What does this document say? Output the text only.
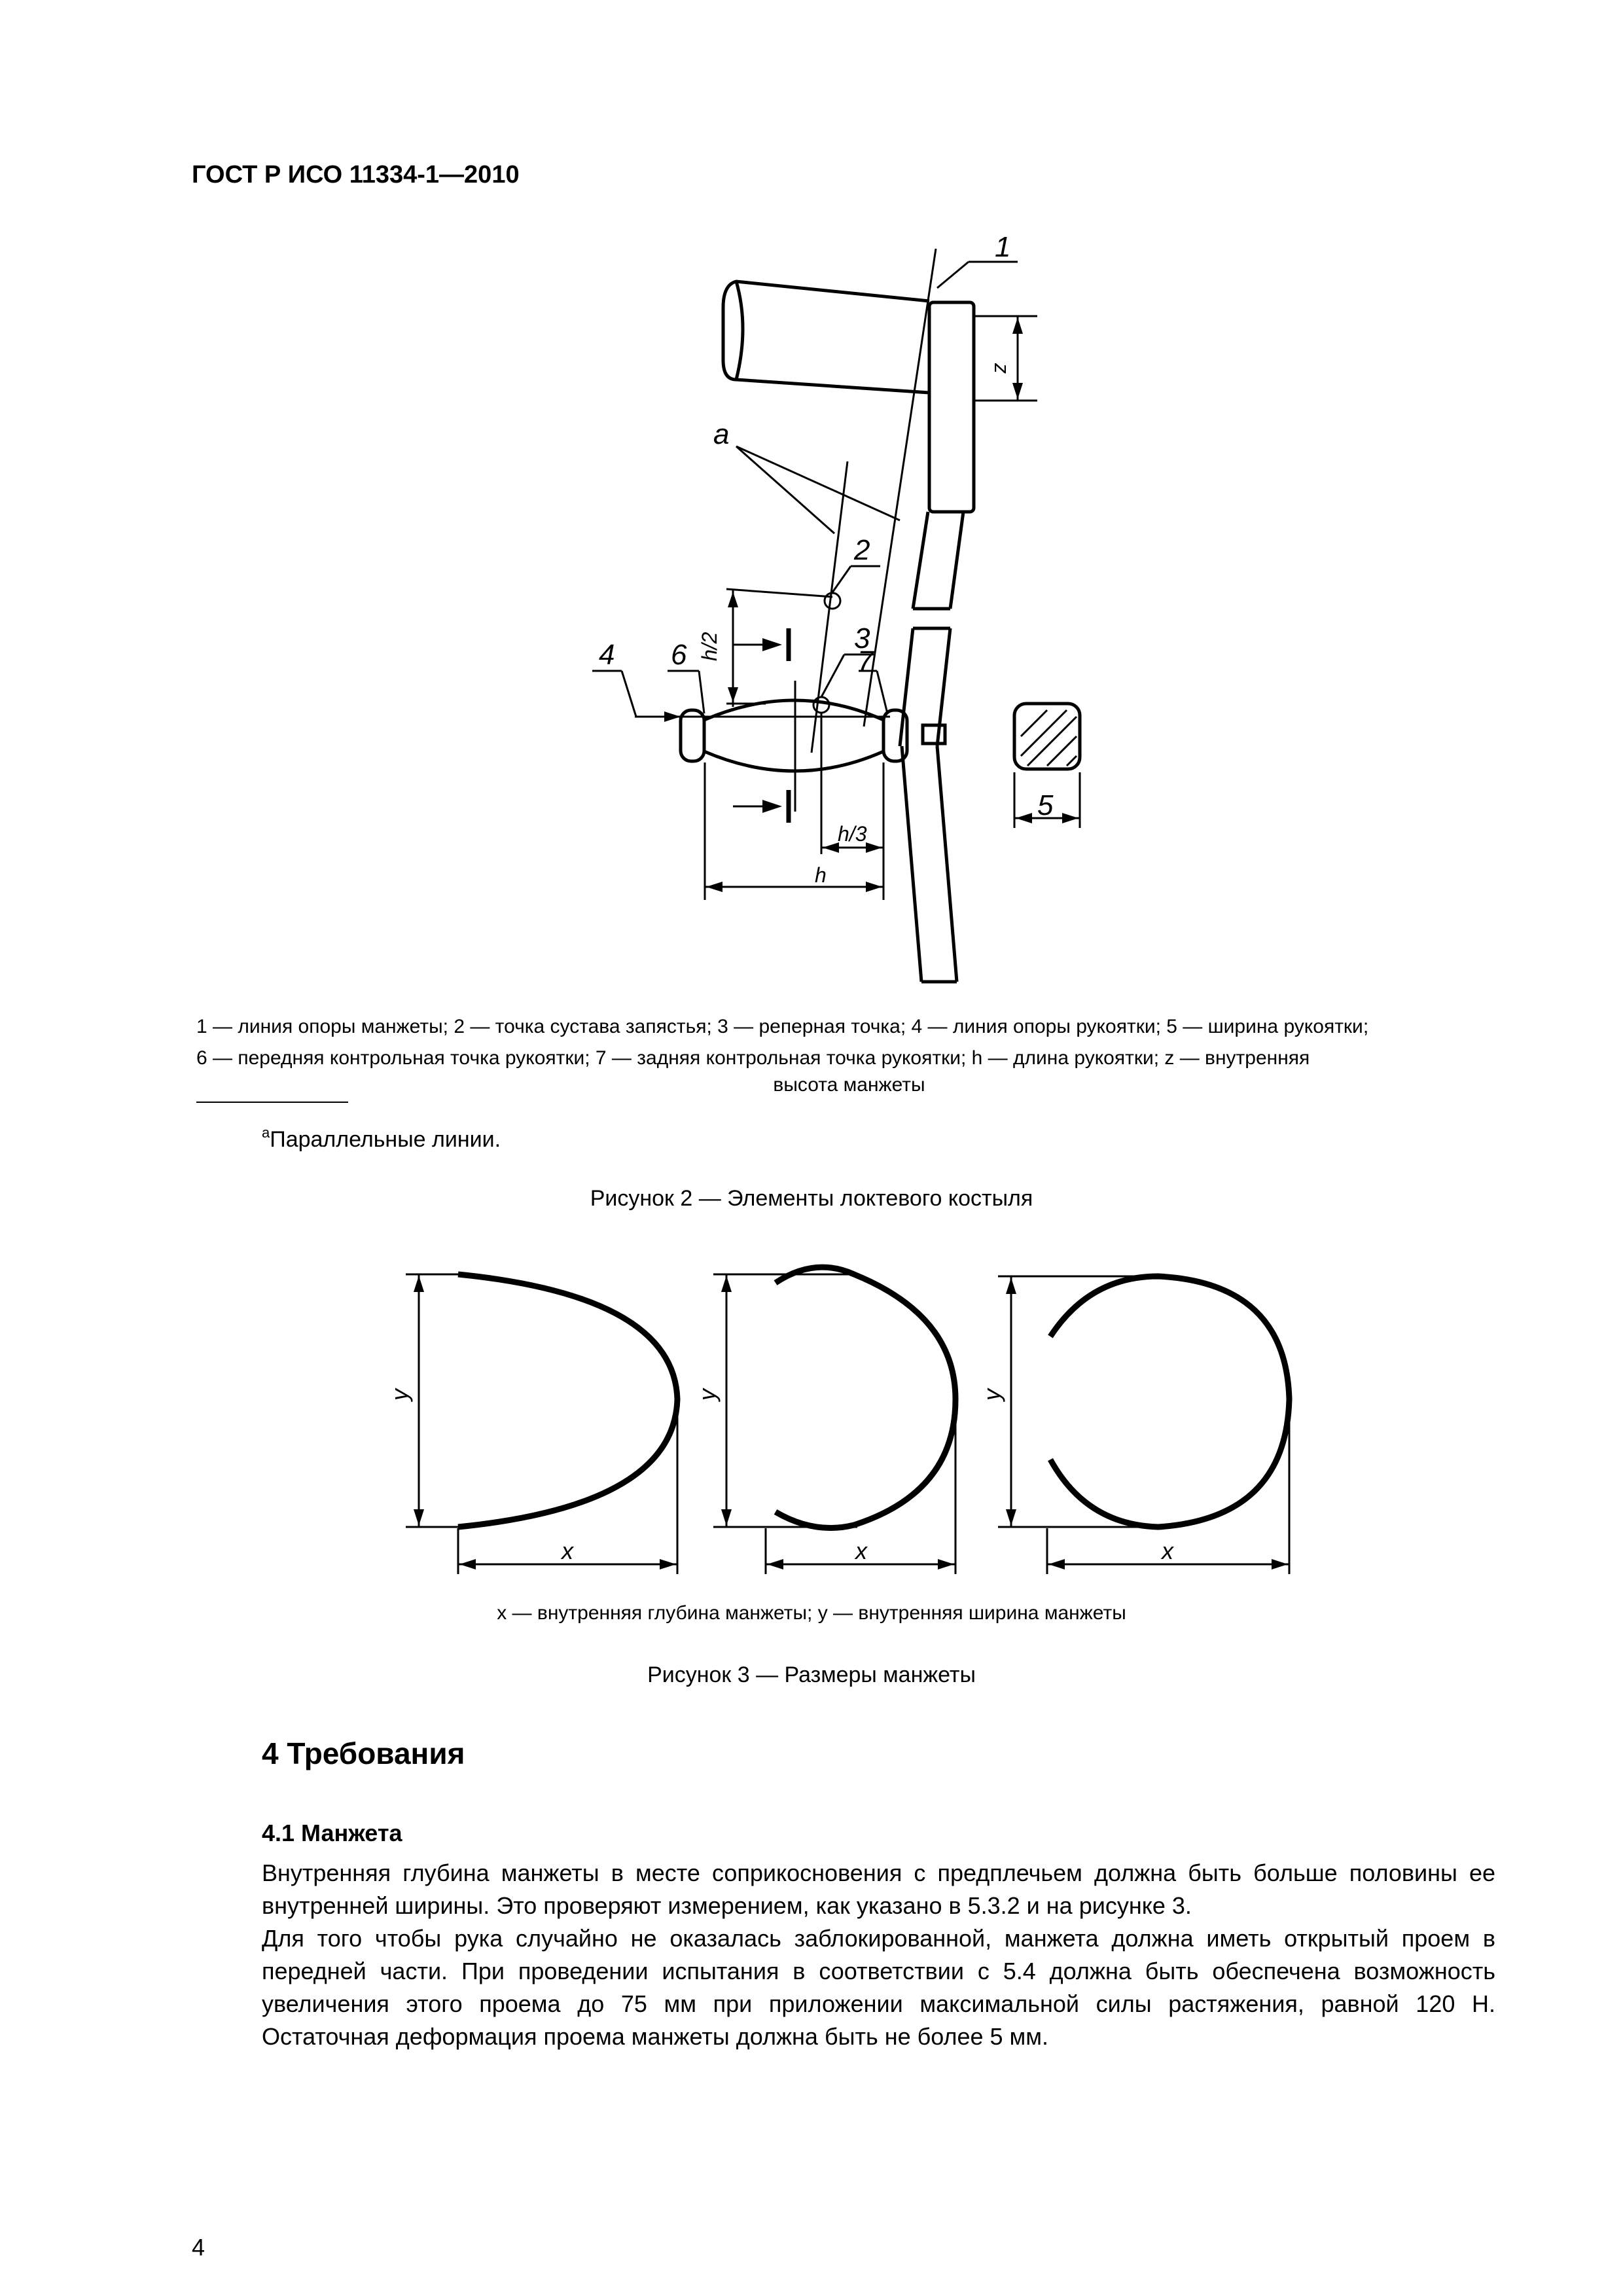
ГОСТ Р ИСО 11334-1—2010
1
a
2
3
4 6	7
5
z
h/2
h/3
h
1 — линия опоры манжеты; 2 — точка сустава запястья; 3 — реперная точка; 4 — линия опоры рукоятки; 5 — ширина рукоятки;
6 — передняя контрольная точка рукоятки; 7 — задняя контрольная точка рукоятки; h — длина рукоятки; z — внутренняя
высота манжеты
$^a$Параллельные линии.
Рисунок 2 — Элементы локтевого костыля
y	y	y
x	x	x
x — внутренняя глубина манжеты; y — внутренняя ширина манжеты
Рисунок 3 — Размеры манжеты
4 Требования
4.1 Манжета
Внутренняя глубина манжеты в месте соприкосновения с предплечьем должна быть больше половины ее внутренней ширины. Это проверяют измерением, как указано в 5.3.2 и на рисунке 3.
Для того чтобы рука случайно не оказалась заблокированной, манжета должна иметь открытый проем в передней части. При проведении испытания в соответствии с 5.4 должна быть обеспечена возможность увеличения этого проема до 75 мм при приложении максимальной силы растяжения, равной 120 Н. Остаточная деформация проема манжеты должна быть не более 5 мм.
4
